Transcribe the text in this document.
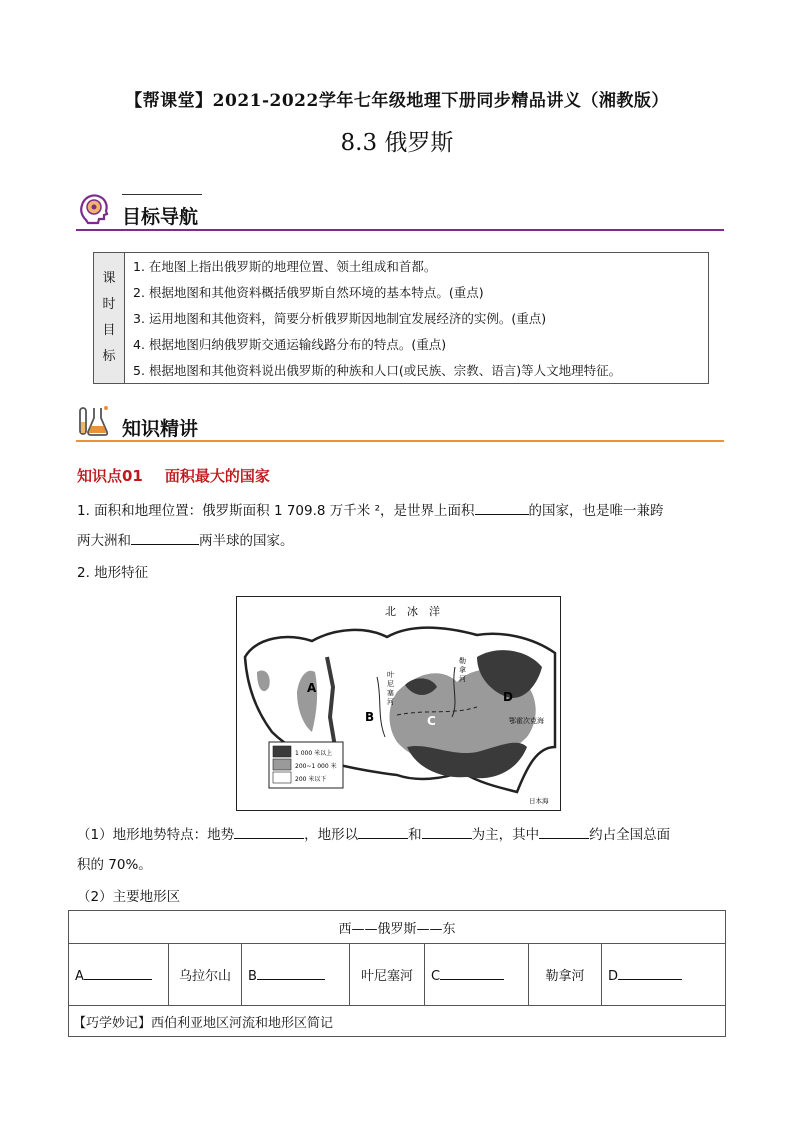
【帮课堂】2021-2022学年七年级地理下册同步精品讲义（湘教版）
8.3 俄罗斯
目标导航
课
时
目
标
	1. 在地图上指出俄罗斯的地理位置、领土组成和首都。
2. 根据地图和其他资料概括俄罗斯自然环境的基本特点。(重点)
3. 运用地图和其他资料，简要分析俄罗斯因地制宜发展经济的实例。(重点)
4. 根据地图归纳俄罗斯交通运输线路分布的特点。(重点)
5. 根据地图和其他资料说出俄罗斯的种族和人口(或民族、宗教、语言)等人文地理特征。
知识精讲
知识点01 面积最大的国家
1. 面积和地理位置：俄罗斯面积 1 709.8 万千米 ²，是世界上面积	的国家，也是唯一兼跨
两大洲和	两半球的国家。
2. 地形特征
北　冰　洋
A
B	C
D
叶
尼
塞
河
勒
拿
河
鄂霍次克海
日本海
1 000 米以上
200~1 000 米
200 米以下
（1）地形地势特点：地势	，地形以	和	为主，其中	约占全国总面
积的 70%。
（2）主要地形区
西——俄罗斯——东
A	乌拉尔山	B	叶尼塞河	C	勒拿河	D
【巧学妙记】西伯利亚地区河流和地形区简记
